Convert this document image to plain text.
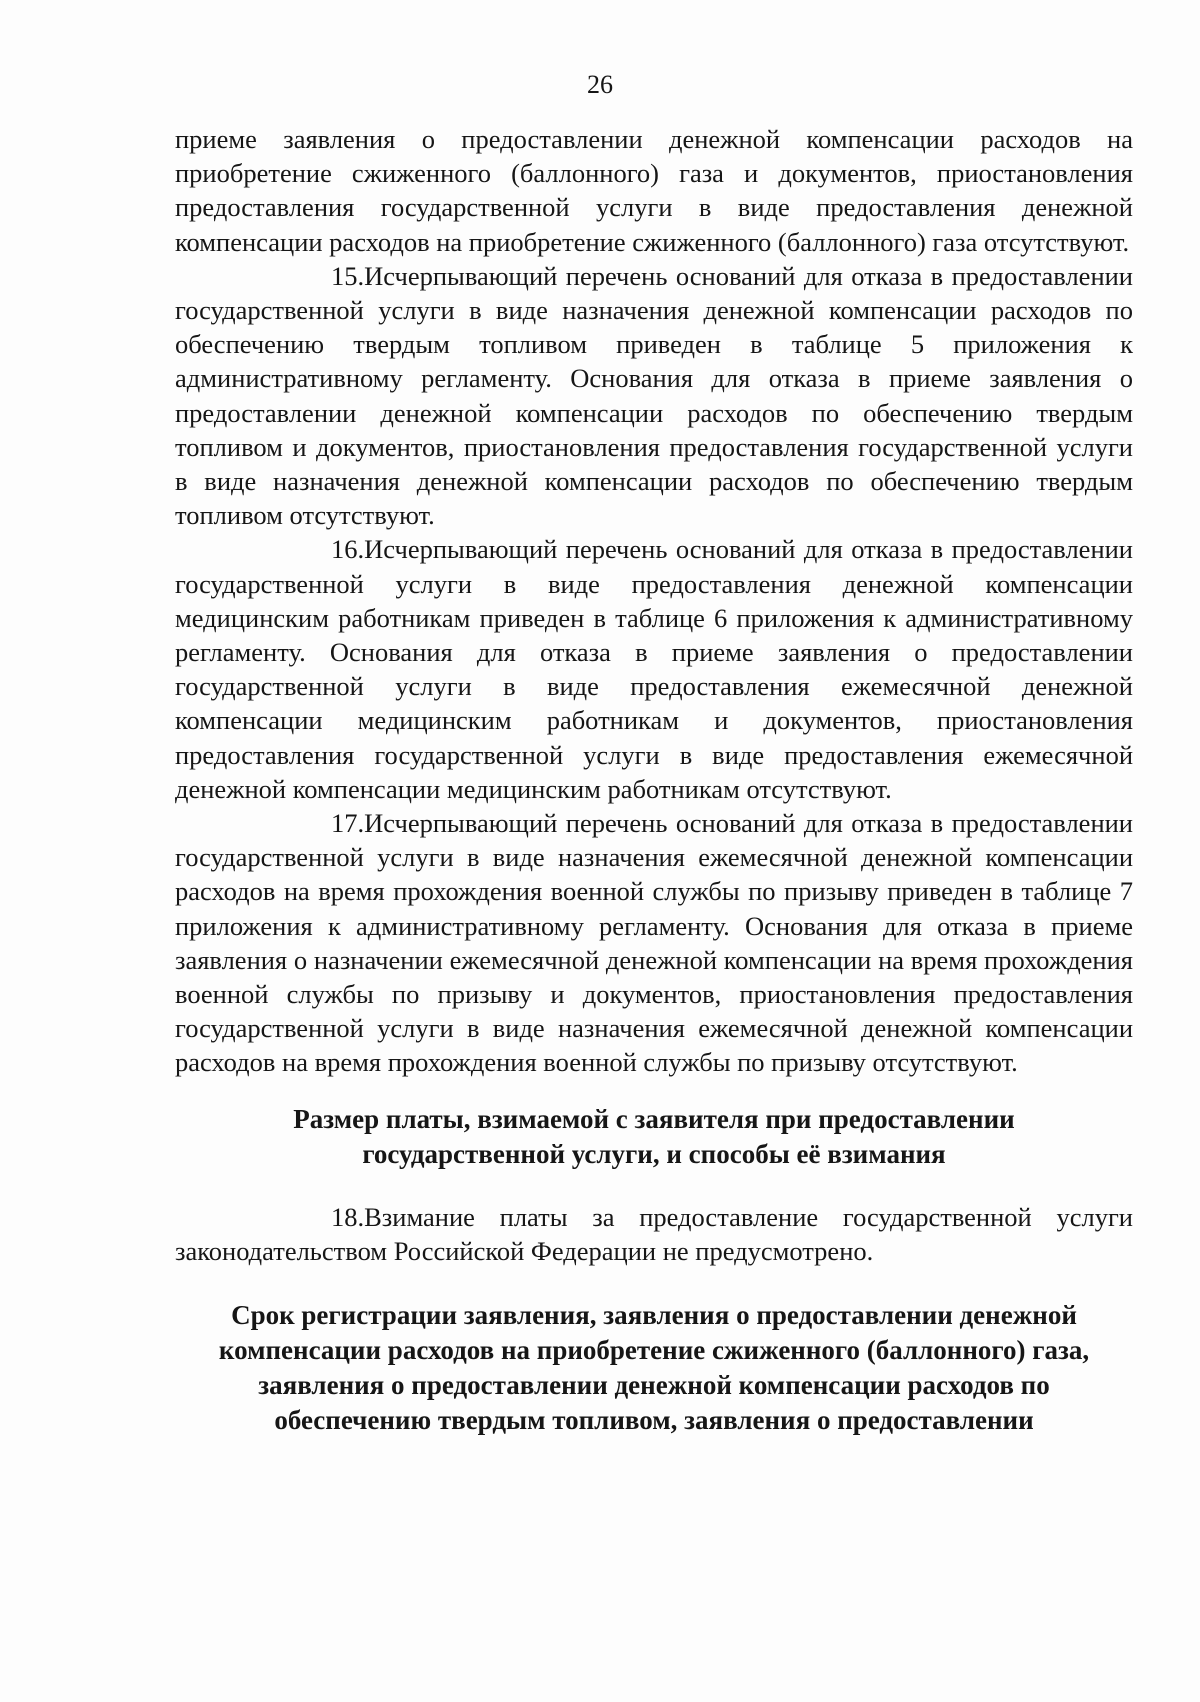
26

приеме заявления о предоставлении денежной компенсации расходов на приобретение сжиженного (баллонного) газа и документов, приостановления предоставления государственной услуги в виде предоставления денежной компенсации расходов на приобретение сжиженного (баллонного) газа отсутствуют.

15.Исчерпывающий перечень оснований для отказа в предоставлении государственной услуги в виде назначения денежной компенсации расходов по обеспечению твердым топливом приведен в таблице 5 приложения к административному регламенту. Основания для отказа в приеме заявления о предоставлении денежной компенсации расходов по обеспечению твердым топливом и документов, приостановления предоставления государственной услуги в виде назначения денежной компенсации расходов по обеспечению твердым топливом отсутствуют.

16.Исчерпывающий перечень оснований для отказа в предоставлении государственной услуги в виде предоставления денежной компенсации медицинским работникам приведен в таблице 6 приложения к административному регламенту. Основания для отказа в приеме заявления о предоставлении государственной услуги в виде предоставления ежемесячной денежной компенсации медицинским работникам и документов, приостановления предоставления государственной услуги в виде предоставления ежемесячной денежной компенсации медицинским работникам отсутствуют.

17.Исчерпывающий перечень оснований для отказа в предоставлении государственной услуги в виде назначения ежемесячной денежной компенсации расходов на время прохождения военной службы по призыву приведен в таблице 7 приложения к административному регламенту. Основания для отказа в приеме заявления о назначении ежемесячной денежной компенсации на время прохождения военной службы по призыву и документов, приостановления предоставления государственной услуги в виде назначения ежемесячной денежной компенсации расходов на время прохождения военной службы по призыву отсутствуют.

Размер платы, взимаемой с заявителя при предоставлении
государственной услуги, и способы её взимания

18.Взимание платы за предоставление государственной услуги законодательством Российской Федерации не предусмотрено.

Срок регистрации заявления, заявления о предоставлении денежной
компенсации расходов на приобретение сжиженного (баллонного) газа,
заявления о предоставлении денежной компенсации расходов по
обеспечению твердым топливом, заявления о предоставлении
